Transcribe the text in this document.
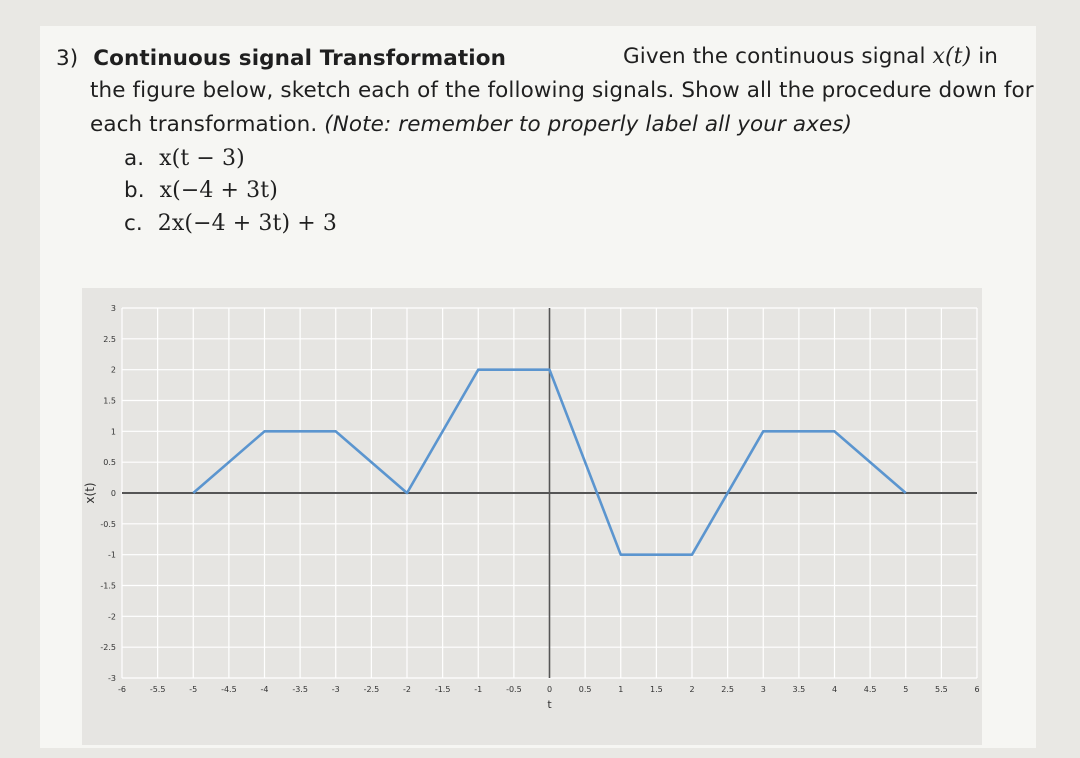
3) Continuous signal Transformation	Given the continuous signal x(t) in
the figure below, sketch each of the following signals. Show all the procedure down for
each transformation. (Note: remember to properly label all your axes)
a. x(t − 3)
b. x(−4 + 3t)
c. 2x(−4 + 3t) + 3
-6	-5.5	-5	-4.5	-4	-3.5	-3	-2.5	-2	-1.5	-1	-0.5	0	0.5	1	1.5	2	2.5	3	3.5	4	4.5	5	5.5	6
-3
-2.5
-2
-1.5
-1
-0.5
0
0.5
1
1.5
2
2.5
3
t
x(t)
